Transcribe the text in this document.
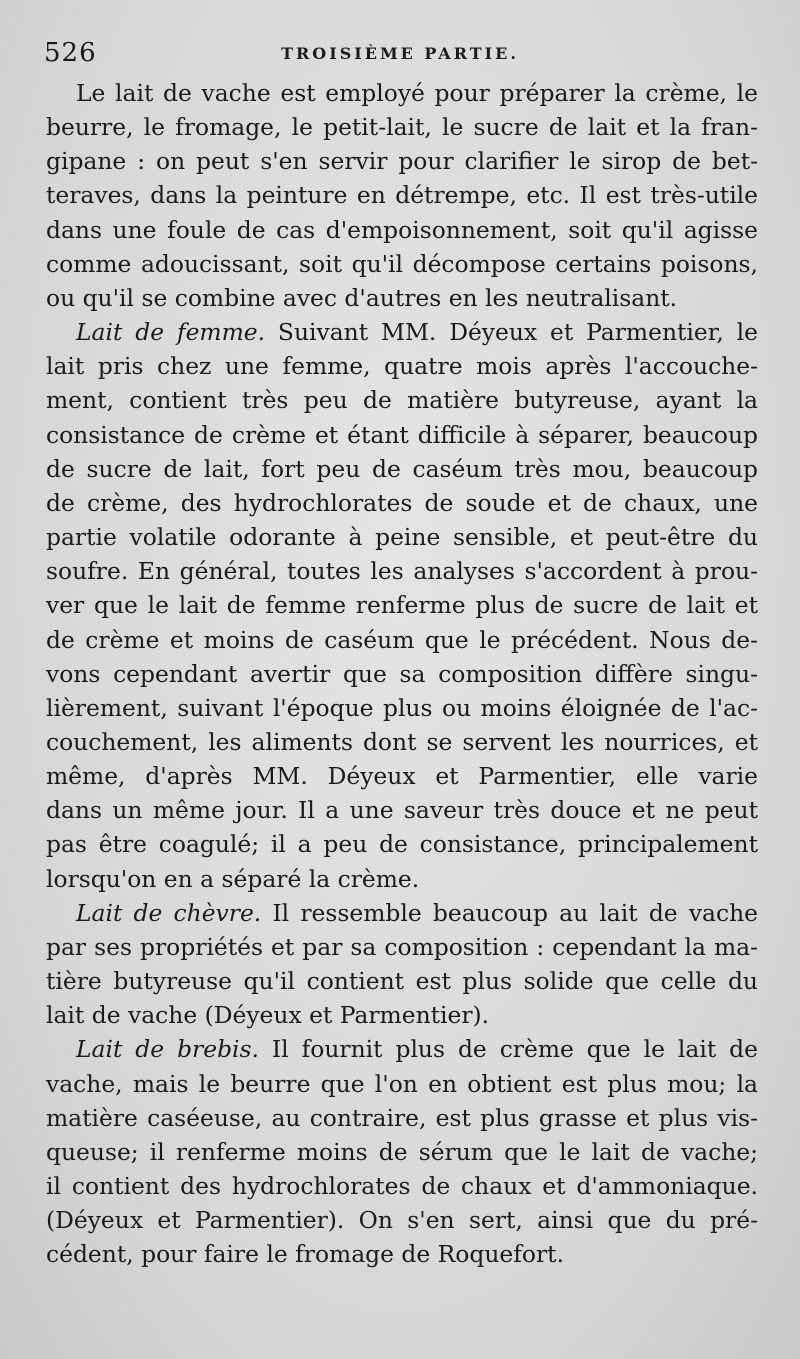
526	TROISIÈME PARTIE.
Le lait de vache est employé pour préparer la crème, le
beurre, le fromage, le petit-lait, le sucre de lait et la fran-
gipane : on peut s'en servir pour clarifier le sirop de bet-
teraves, dans la peinture en détrempe, etc. Il est très-utile
dans une foule de cas d'empoisonnement, soit qu'il agisse
comme adoucissant, soit qu'il décompose certains poisons,
ou qu'il se combine avec d'autres en les neutralisant.
Lait de femme. Suivant MM. Déyeux et Parmentier, le
lait pris chez une femme, quatre mois après l'accouche-
ment, contient très peu de matière butyreuse, ayant la
consistance de crème et étant difficile à séparer, beaucoup
de sucre de lait, fort peu de caséum très mou, beaucoup
de crème, des hydrochlorates de soude et de chaux, une
partie volatile odorante à peine sensible, et peut-être du
soufre. En général, toutes les analyses s'accordent à prou-
ver que le lait de femme renferme plus de sucre de lait et
de crème et moins de caséum que le précédent. Nous de-
vons cependant avertir que sa composition diffère singu-
lièrement, suivant l'époque plus ou moins éloignée de l'ac-
couchement, les aliments dont se servent les nourrices, et
même, d'après MM. Déyeux et Parmentier, elle varie
dans un même jour. Il a une saveur très douce et ne peut
pas être coagulé; il a peu de consistance, principalement
lorsqu'on en a séparé la crème.
Lait de chèvre. Il ressemble beaucoup au lait de vache
par ses propriétés et par sa composition : cependant la ma-
tière butyreuse qu'il contient est plus solide que celle du
lait de vache (Déyeux et Parmentier).
Lait de brebis. Il fournit plus de crème que le lait de
vache, mais le beurre que l'on en obtient est plus mou; la
matière caséeuse, au contraire, est plus grasse et plus vis-
queuse; il renferme moins de sérum que le lait de vache;
il contient des hydrochlorates de chaux et d'ammoniaque.
(Déyeux et Parmentier). On s'en sert, ainsi que du pré-
cédent, pour faire le fromage de Roquefort.
